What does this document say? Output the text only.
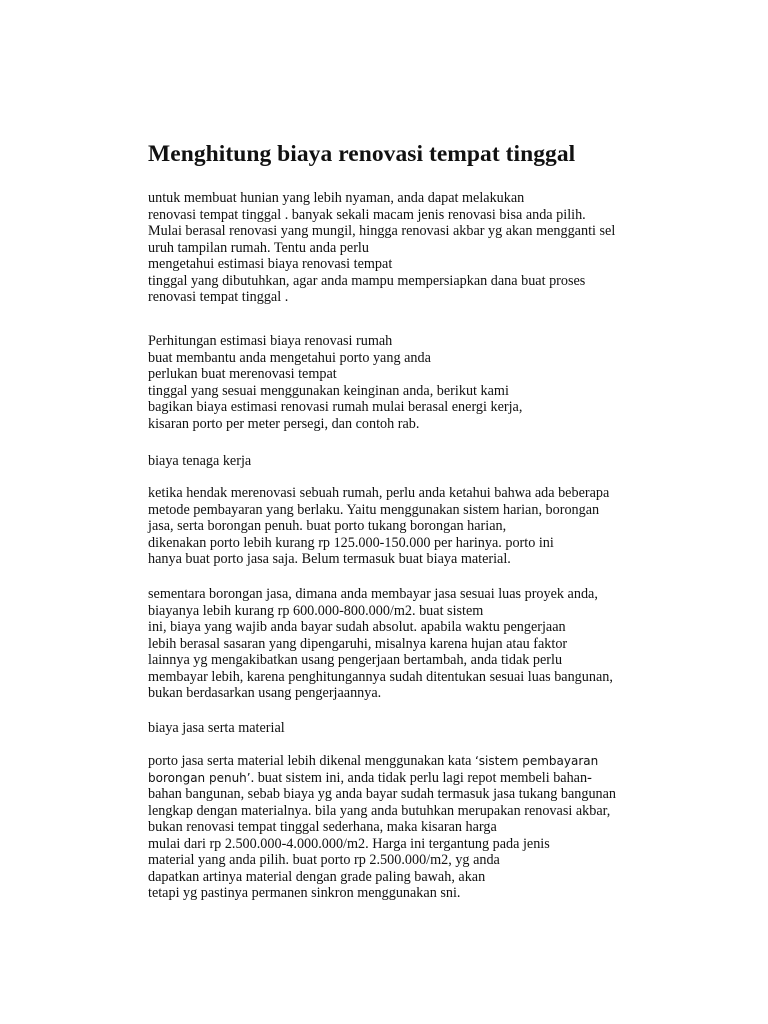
Menghitung biaya renovasi tempat tinggal
untuk membuat hunian yang lebih nyaman, anda dapat melakukan
renovasi tempat tinggal . banyak sekali macam jenis renovasi bisa anda pilih.
Mulai berasal renovasi yang mungil, hingga renovasi akbar yg akan mengganti sel
uruh tampilan rumah. Tentu anda perlu
mengetahui estimasi biaya renovasi tempat
tinggal yang dibutuhkan, agar anda mampu mempersiapkan dana buat proses
renovasi tempat tinggal .
Perhitungan estimasi biaya renovasi rumah
buat membantu anda mengetahui porto yang anda
perlukan buat merenovasi tempat
tinggal yang sesuai menggunakan keinginan anda, berikut kami
bagikan biaya estimasi renovasi rumah mulai berasal energi kerja,
kisaran porto per meter persegi, dan contoh rab.
biaya tenaga kerja
ketika hendak merenovasi sebuah rumah, perlu anda ketahui bahwa ada beberapa
metode pembayaran yang berlaku. Yaitu menggunakan sistem harian, borongan
jasa, serta borongan penuh. buat porto tukang borongan harian,
dikenakan porto lebih kurang rp 125.000-150.000 per harinya. porto ini
hanya buat porto jasa saja. Belum termasuk buat biaya material.
sementara borongan jasa, dimana anda membayar jasa sesuai luas proyek anda,
biayanya lebih kurang rp 600.000-800.000/m2. buat sistem
ini, biaya yang wajib anda bayar sudah absolut. apabila waktu pengerjaan
lebih berasal sasaran yang dipengaruhi, misalnya karena hujan atau faktor
lainnya yg mengakibatkan usang pengerjaan bertambah, anda tidak perlu
membayar lebih, karena penghitungannya sudah ditentukan sesuai luas bangunan,
bukan berdasarkan usang pengerjaannya.
biaya jasa serta material
porto jasa serta material lebih dikenal menggunakan kata ‘sistem pembayaran
borongan penuh’. buat sistem ini, anda tidak perlu lagi repot membeli bahan-
bahan bangunan, sebab biaya yg anda bayar sudah termasuk jasa tukang bangunan
lengkap dengan materialnya. bila yang anda butuhkan merupakan renovasi akbar,
bukan renovasi tempat tinggal sederhana, maka kisaran harga
mulai dari rp 2.500.000-4.000.000/m2. Harga ini tergantung pada jenis
material yang anda pilih. buat porto rp 2.500.000/m2, yg anda
dapatkan artinya material dengan grade paling bawah, akan
tetapi yg pastinya permanen sinkron menggunakan sni.
